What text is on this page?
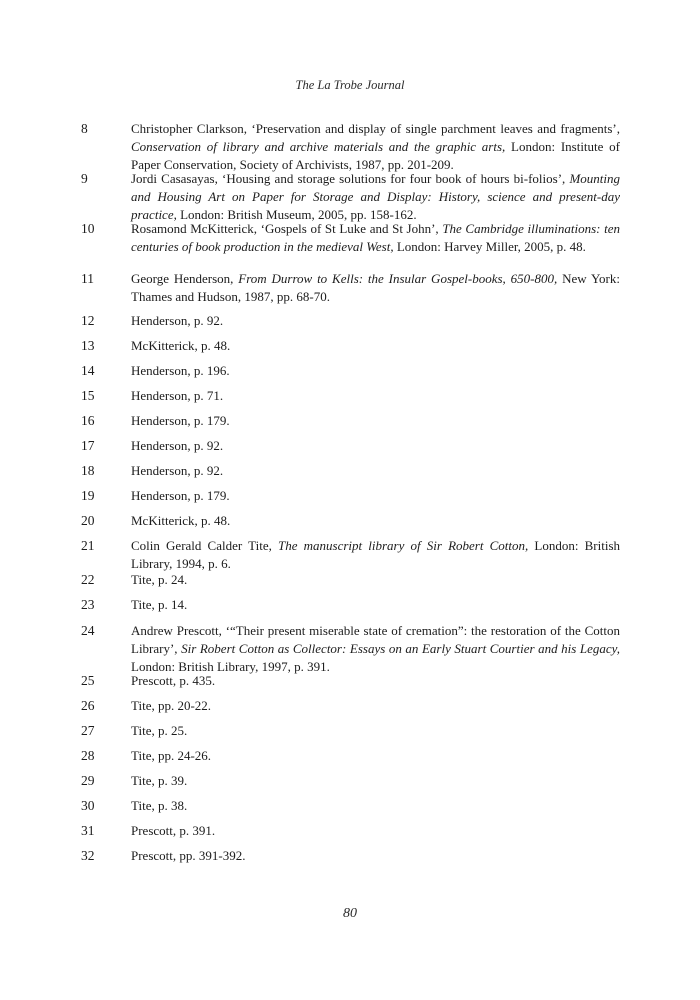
The La Trobe Journal
8	Christopher Clarkson, ‘Preservation and display of single parchment leaves and fragments’, Conservation of library and archive materials and the graphic arts, London: Institute of Paper Conservation, Society of Archivists, 1987, pp. 201-209.
9	Jordi Casasayas, ‘Housing and storage solutions for four book of hours bi-folios’, Mounting and Housing Art on Paper for Storage and Display: History, science and present-day practice, London: British Museum, 2005, pp. 158-162.
10	Rosamond McKitterick, ‘Gospels of St Luke and St John’, The Cambridge illuminations: ten centuries of book production in the medieval West, London: Harvey Miller, 2005, p. 48.
11	George Henderson, From Durrow to Kells: the Insular Gospel-books, 650-800, New York: Thames and Hudson, 1987, pp. 68-70.
12	Henderson, p. 92.
13	McKitterick, p. 48.
14	Henderson, p. 196.
15	Henderson, p. 71.
16	Henderson, p. 179.
17	Henderson, p. 92.
18	Henderson, p. 92.
19	Henderson, p. 179.
20	McKitterick, p. 48.
21	Colin Gerald Calder Tite, The manuscript library of Sir Robert Cotton, London: British Library, 1994, p. 6.
22	Tite, p. 24.
23	Tite, p. 14.
24	Andrew Prescott, ‘“Their present miserable state of cremation”: the restoration of the Cotton Library’, Sir Robert Cotton as Collector: Essays on an Early Stuart Courtier and his Legacy, London: British Library, 1997, p. 391.
25	Prescott, p. 435.
26	Tite, pp. 20-22.
27	Tite, p. 25.
28	Tite, pp. 24-26.
29	Tite, p. 39.
30	Tite, p. 38.
31	Prescott, p. 391.
32	Prescott, pp. 391-392.
80
